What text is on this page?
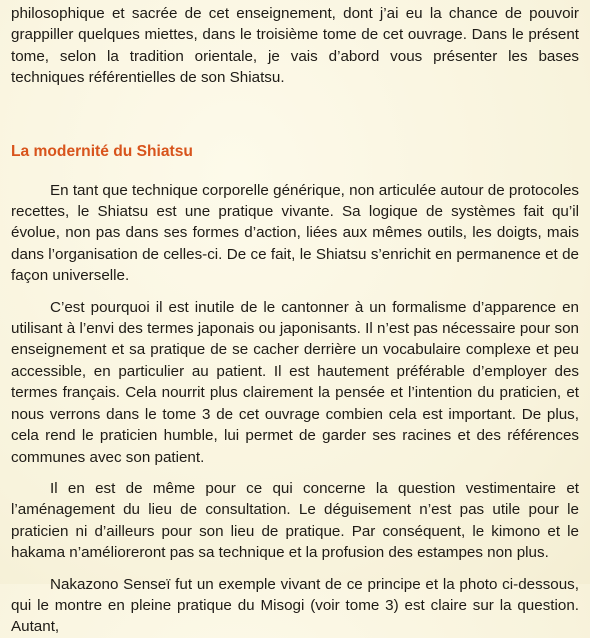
philosophique et sacrée de cet enseignement, dont j’ai eu la chance de pouvoir grappiller quelques miettes, dans le troisième tome de cet ouvrage. Dans le présent tome, selon la tradition orientale, je vais d’abord vous présenter les bases techniques référentielles de son Shiatsu.

La modernité du Shiatsu

En tant que technique corporelle générique, non articulée autour de protocoles recettes, le Shiatsu est une pratique vivante. Sa logique de systèmes fait qu’il évolue, non pas dans ses formes d’action, liées aux mêmes outils, les doigts, mais dans l’organisation de celles-ci. De ce fait, le Shiatsu s’enrichit en permanence et de façon universelle.

C’est pourquoi il est inutile de le cantonner à un formalisme d’apparence en utilisant à l’envi des termes japonais ou japonisants. Il n’est pas nécessaire pour son enseignement et sa pratique de se cacher derrière un vocabulaire complexe et peu accessible, en particulier au patient. Il est hautement préférable d’employer des termes français. Cela nourrit plus clairement la pensée et l’intention du praticien, et nous verrons dans le tome 3 de cet ouvrage combien cela est important. De plus, cela rend le praticien humble, lui permet de garder ses racines et des références communes avec son patient.

Il en est de même pour ce qui concerne la question vestimentaire et l’aménagement du lieu de consultation. Le déguisement n’est pas utile pour le praticien ni d’ailleurs pour son lieu de pratique. Par conséquent, le kimono et le hakama n’amélioreront pas sa technique et la profusion des estampes non plus.

Nakazono Senseï fut un exemple vivant de ce principe et la photo ci-dessous, qui le montre en pleine pratique du Misogi (voir tome 3) est claire sur la question. Autant,
